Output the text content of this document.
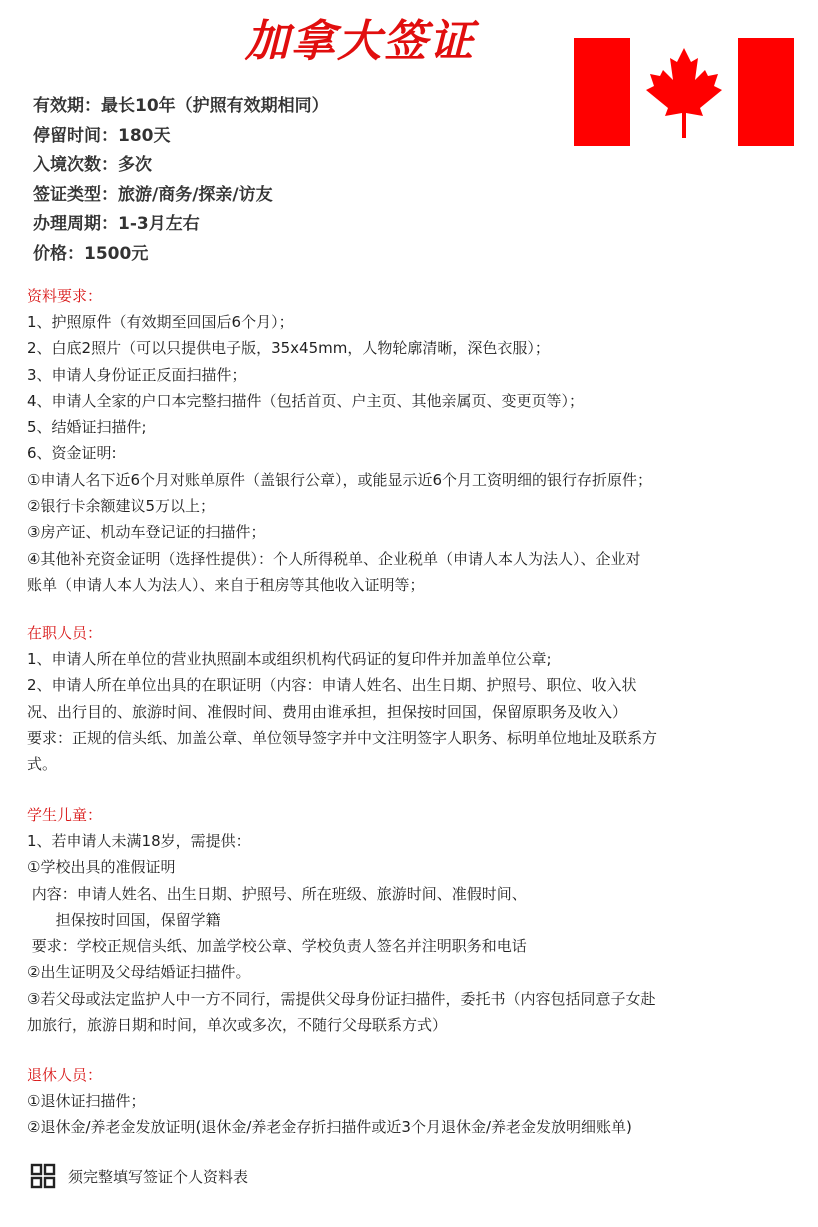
加拿大签证
有效期：最长10年（护照有效期相同）
停留时间：180天
入境次数：多次
签证类型：旅游/商务/探亲/访友
办理周期：1-3月左右
价格：1500元
资料要求：

1、护照原件（有效期至回国后6个月）；

2、白底2照片（可以只提供电子版，35x45mm，人物轮廓清晰，深色衣服）；

3、申请人身份证正反面扫描件；

4、申请人全家的户口本完整扫描件（包括首页、户主页、其他亲属页、变更页等）；

5、结婚证扫描件;

6、资金证明:

①申请人名下近6个月对账单原件（盖银行公章），或能显示近6个月工资明细的银行存折原件；

②银行卡余额建议5万以上；

③房产证、机动车登记证的扫描件；

④其他补充资金证明（选择性提供）：个人所得税单、企业税单（申请人本人为法人）、企业对

账单（申请人本人为法人）、来自于租房等其他收入证明等；

在职人员：

1、申请人所在单位的营业执照副本或组织机构代码证的复印件并加盖单位公章;

2、申请人所在单位出具的在职证明（内容：申请人姓名、出生日期、护照号、职位、收入状

况、出行目的、旅游时间、准假时间、费用由谁承担，担保按时回国，保留原职务及收入）

要求：正规的信头纸、加盖公章、单位领导签字并中文注明签字人职务、标明单位地址及联系方

式。

学生儿童：

1、若申请人未满18岁，需提供：

①学校出具的准假证明

内容：申请人姓名、出生日期、护照号、所在班级、旅游时间、准假时间、

担保按时回国，保留学籍

要求：学校正规信头纸、加盖学校公章、学校负责人签名并注明职务和电话

②出生证明及父母结婚证扫描件。

③若父母或法定监护人中一方不同行，需提供父母身份证扫描件，委托书（内容包括同意子女赴

加旅行，旅游日期和时间，单次或多次，不随行父母联系方式）

退休人员：

①退休证扫描件；

②退休金/养老金发放证明(退休金/养老金存折扫描件或近3个月退休金/养老金发放明细账单)

须完整填写签证个人资料表
